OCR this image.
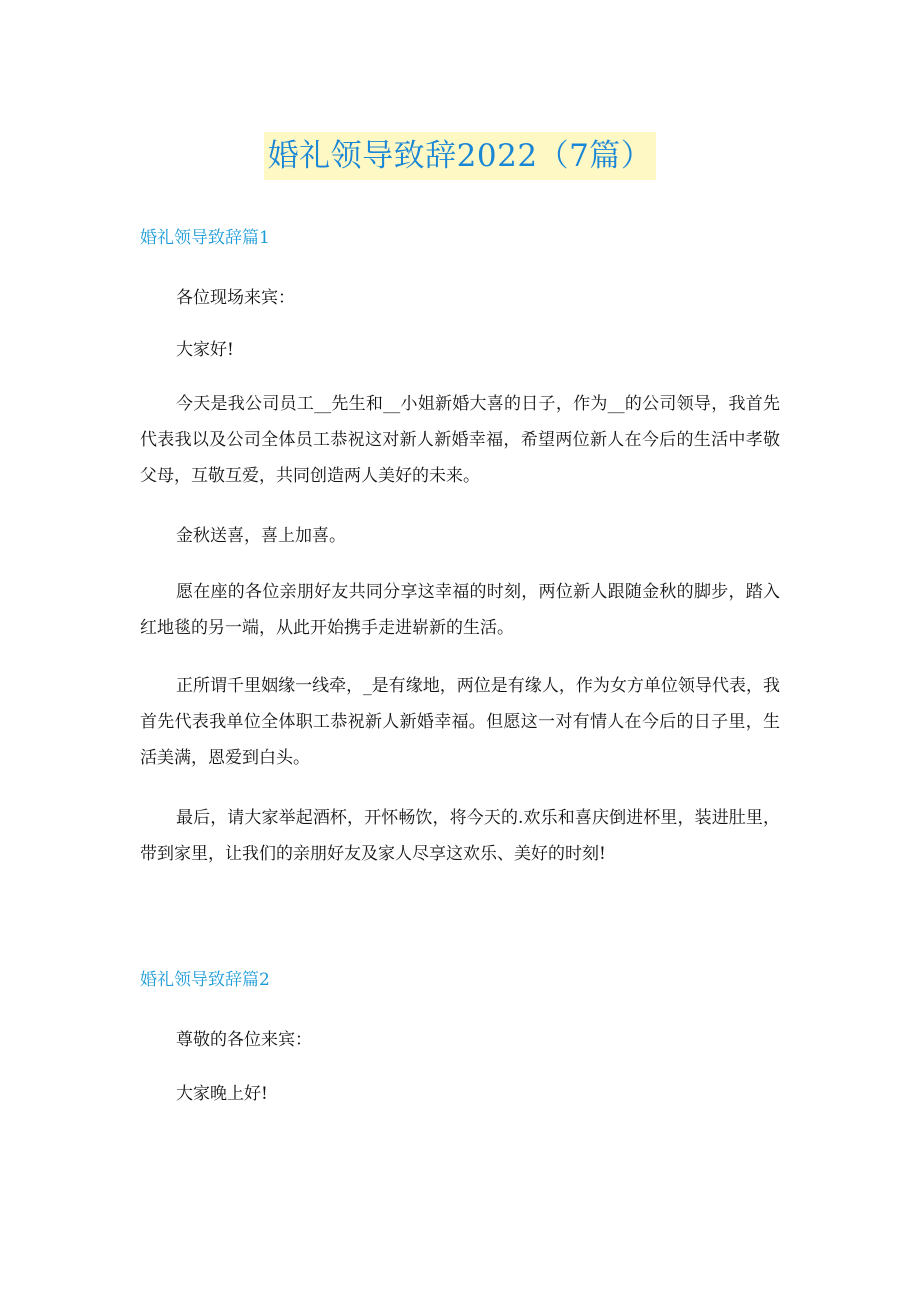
婚礼领导致辞2022（7篇）
婚礼领导致辞篇1
各位现场来宾：
大家好!
今天是我公司员工__先生和__小姐新婚大喜的日子，作为__的公司领导，我首先代表我以及公司全体员工恭祝这对新人新婚幸福，希望两位新人在今后的生活中孝敬父母，互敬互爱，共同创造两人美好的未来。
金秋送喜，喜上加喜。
愿在座的各位亲朋好友共同分享这幸福的时刻，两位新人跟随金秋的脚步，踏入红地毯的另一端，从此开始携手走进崭新的生活。
正所谓千里姻缘一线牵，_是有缘地，两位是有缘人，作为女方单位领导代表，我首先代表我单位全体职工恭祝新人新婚幸福。但愿这一对有情人在今后的日子里，生活美满，恩爱到白头。
最后，请大家举起酒杯，开怀畅饮，将今天的.欢乐和喜庆倒进杯里，装进肚里，带到家里，让我们的亲朋好友及家人尽享这欢乐、美好的时刻!
婚礼领导致辞篇2
尊敬的各位来宾：
大家晚上好!
